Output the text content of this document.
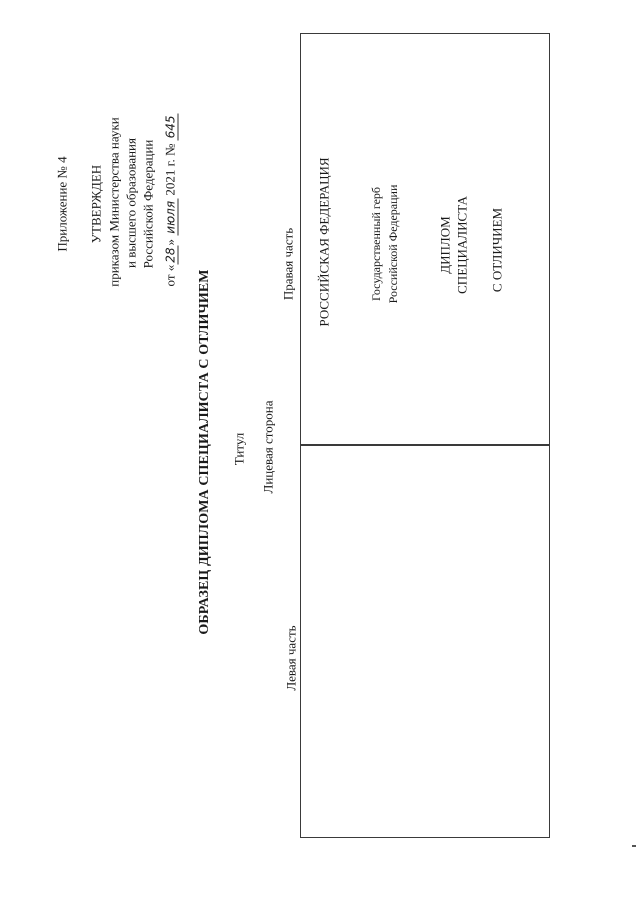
Приложение № 4 УТВЕРЖДЕН приказом Министерства науки и высшего образования Российской Федерации
от «28» июля 2021 г. № 645
ОБРАЗЕЦ ДИПЛОМА СПЕЦИАЛИСТА С ОТЛИЧИЕМ Титул Лицевая сторона
Правая часть
Левая часть
РОССИЙСКАЯ ФЕДЕРАЦИЯ	Государственный герб Российской Федерации	ДИПЛОМ СПЕЦИАЛИСТА С ОТЛИЧИЕМ
